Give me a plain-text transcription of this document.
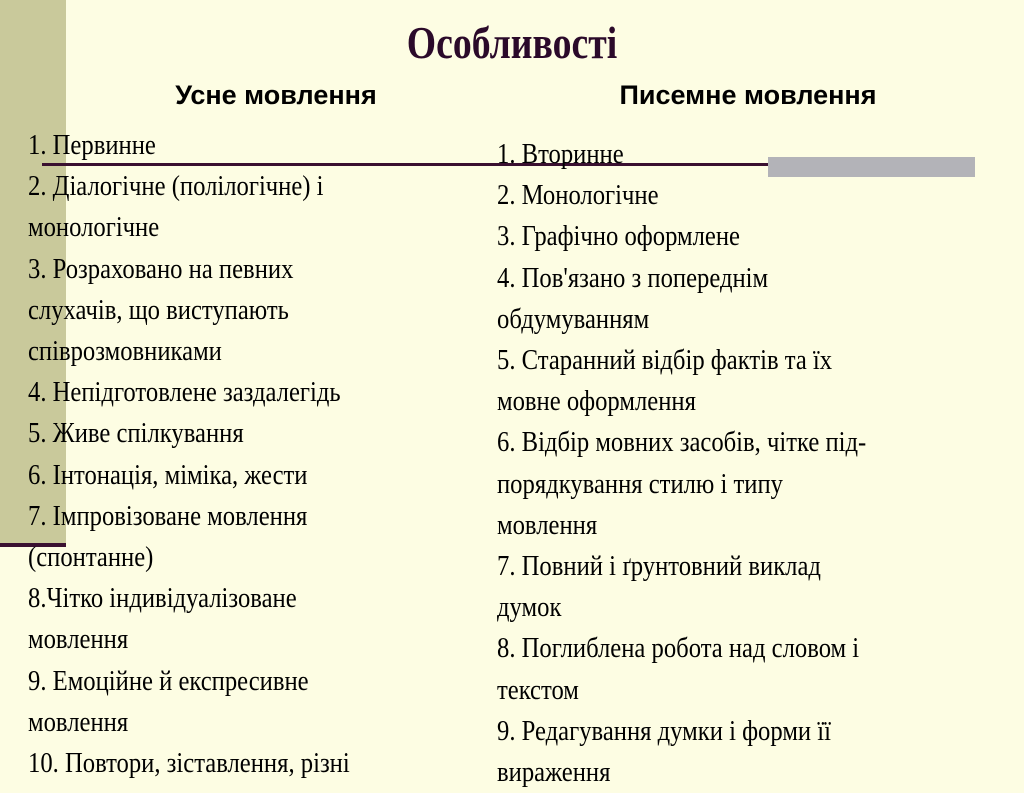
Особливості
Усне мовлення	Писемне мовлення
1. Первинне
2. Діалогічне (полілогічне) і
монологічне
3. Розраховано на певних
слухачів, що виступають
співрозмовниками
4. Непідготовлене заздалегідь
5. Живе спілкування
6. Інтонація, міміка, жести
7. Імпровізоване мовлення
(спонтанне)
8.Чітко індивідуалізоване
мовлення
9. Емоційне й експресивне
мовлення
10. Повтори, зіставлення, різні
1. Вторинне
2. Монологічне
3. Графічно оформлене
4. Пов'язано з попереднім
обдумуванням
5. Старанний відбір фактів та їх
мовне оформлення
6. Відбір мовних засобів, чітке під-
порядкування стилю і типу
мовлення
7. Повний і ґрунтовний виклад
думок
8. Поглиблена робота над словом і
текстом
9. Редагування думки і форми її
вираження
